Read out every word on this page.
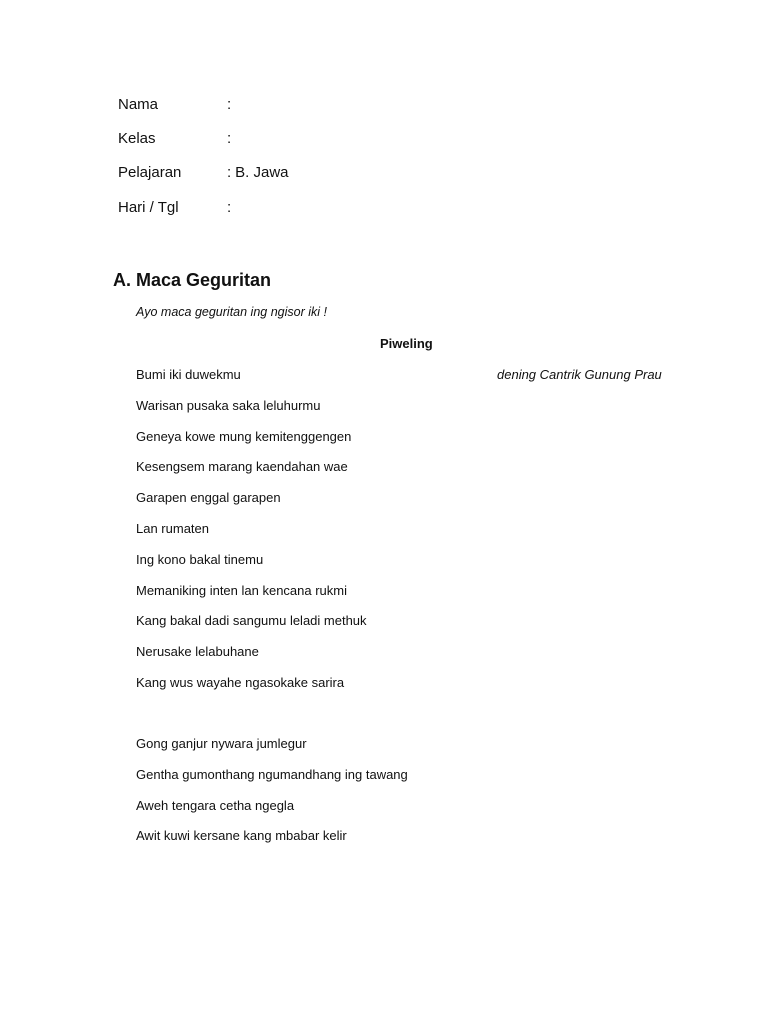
Nama	:
Kelas	:
Pelajaran	: B. Jawa
Hari / Tgl	:
A. Maca Geguritan
Ayo maca geguritan ing ngisor iki !
Piweling
dening Cantrik Gunung Prau
Bumi iki duwekmu
Warisan pusaka saka leluhurmu
Geneya kowe mung kemitenggengen
Kesengsem marang kaendahan wae
Garapen enggal garapen
Lan rumaten
Ing kono bakal tinemu
Memaniking inten lan kencana rukmi
Kang bakal dadi sangumu leladi methuk
Nerusake lelabuhane
Kang wus wayahe ngasokake sarira
Gong ganjur nywara jumlegur
Gentha gumonthang ngumandhang ing tawang
Aweh tengara cetha ngegla
Awit kuwi kersane kang mbabar kelir
